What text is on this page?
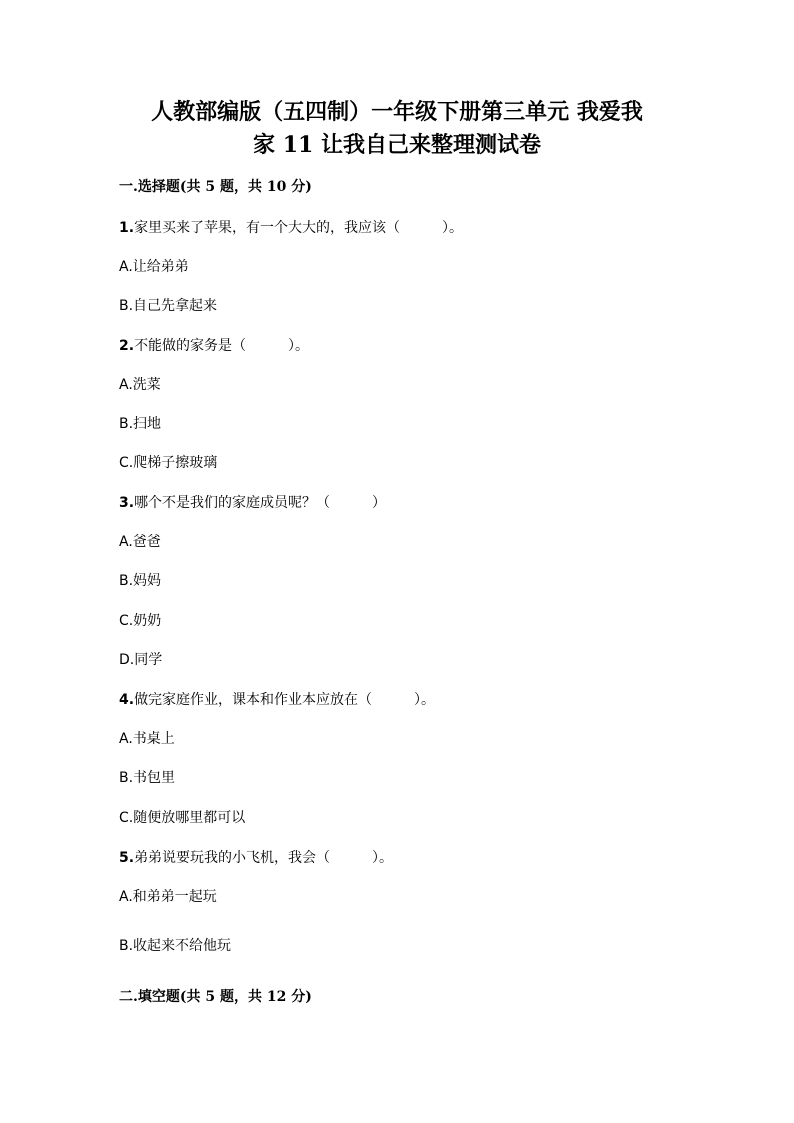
人教部编版（五四制）一年级下册第三单元 我爱我
家 11 让我自己来整理测试卷
一.选择题(共 5 题，共 10 分)
1.家里买来了苹果，有一个大大的，我应该（　　　）。
A.让给弟弟
B.自己先拿起来
2.不能做的家务是（　　　）。
A.洗菜
B.扫地
C.爬梯子擦玻璃
3.哪个不是我们的家庭成员呢？（　　　）
A.爸爸
B.妈妈
C.奶奶
D.同学
4.做完家庭作业，课本和作业本应放在（　　　）。
A.书桌上
B.书包里
C.随便放哪里都可以
5.弟弟说要玩我的小飞机，我会（　　　）。
A.和弟弟一起玩
B.收起来不给他玩
二.填空题(共 5 题，共 12 分)
